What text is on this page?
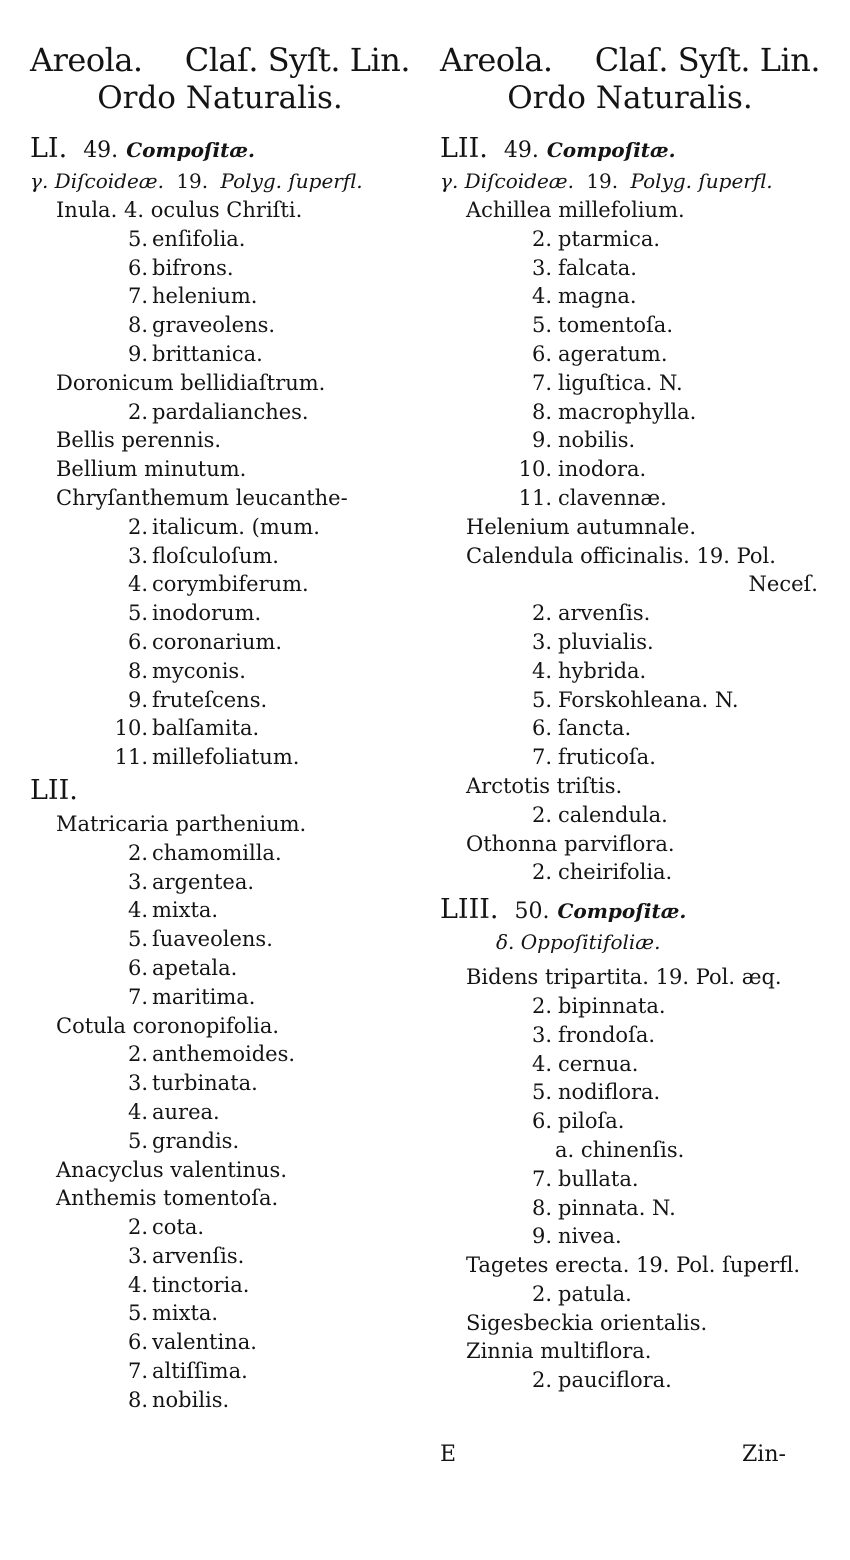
Areola. Claſ. Syſt. Lin.
Ordo Naturalis.
LI. 49. Compoſitæ.
γ. Diſcoideæ. 19. Polyg. ſuperfl.
Inula. 4. oculus Chriſti.
5. enſifolia.
6. bifrons.
7. helenium.
8. graveolens.
9. brittanica.
Doronicum bellidiaſtrum.
2. pardalianches.
Bellis perennis.
Bellium minutum.
Chryſanthemum leucanthe-
2. italicum. (mum.
3. floſculoſum.
4. corymbiferum.
5. inodorum.
6. coronarium.
8. myconis.
9. fruteſcens.
10. balſamita.
11. millefoliatum.
LII.
Matricaria parthenium.
2. chamomilla.
3. argentea.
4. mixta.
5. ſuaveolens.
6. apetala.
7. maritima.
Cotula coronopifolia.
2. anthemoides.
3. turbinata.
4. aurea.
5. grandis.
Anacyclus valentinus.
Anthemis tomentoſa.
2. cota.
3. arvenſis.
4. tinctoria.
5. mixta.
6. valentina.
7. altiſſima.
8. nobilis.
Areola. Claſ. Syſt. Lin.
Ordo Naturalis.
LII. 49. Compoſitæ.
γ. Diſcoideæ. 19. Polyg. ſuperfl.
Achillea millefolium.
2. ptarmica.
3. falcata.
4. magna.
5. tomentoſa.
6. ageratum.
7. liguſtica. N.
8. macrophylla.
9. nobilis.
10. inodora.
11. clavennæ.
Helenium autumnale.
Calendula officinalis. 19. Pol.
Neceſ.
2. arvenſis.
3. pluvialis.
4. hybrida.
5. Forskohleana. N.
6. ſancta.
7. fruticoſa.
Arctotis triſtis.
2. calendula.
Othonna parviflora.
2. cheirifolia.
LIII. 50. Compoſitæ.
δ. Oppoſitifoliæ.
Bidens tripartita. 19. Pol. æq.
2. bipinnata.
3. frondoſa.
4. cernua.
5. nodiflora.
6. piloſa.
a. chinenſis.
7. bullata.
8. pinnata. N.
9. nivea.
Tagetes erecta. 19. Pol. ſuperfl.
2. patula.
Sigesbeckia orientalis.
Zinnia multiflora.
2. pauciflora.
E	Zin-
